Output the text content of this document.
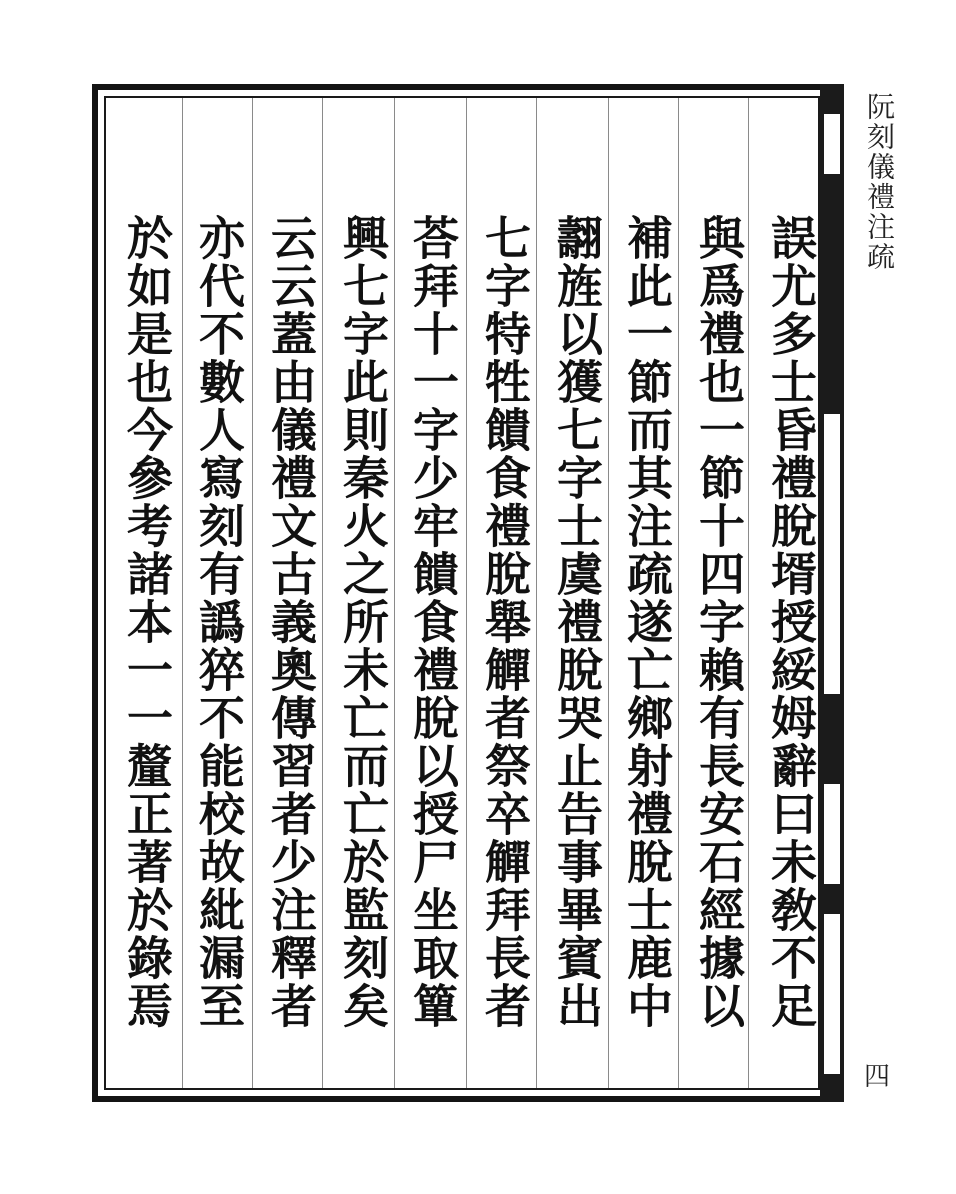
誤尤多士昏禮脫壻授綏姆辭曰未敎不足
與爲禮也一節十四字賴有長安石經據以
補此一節而其注疏遂亡鄉射禮脫士鹿中
翿旌以獲七字士虞禮脫哭止告事畢賓出
七字特牲饋食禮脫舉觶者祭卒觶拜長者
荅拜十一字少牢饋食禮脫以授尸坐取簞
興七字此則秦火之所未亡而亡於監刻矣
云云蓋由儀禮文古義奧傳習者少注釋者
亦代不數人寫刻有譌猝不能校故紕漏至
於如是也今參考諸本一一釐正著於錄焉
阮刻儀禮注疏
四
